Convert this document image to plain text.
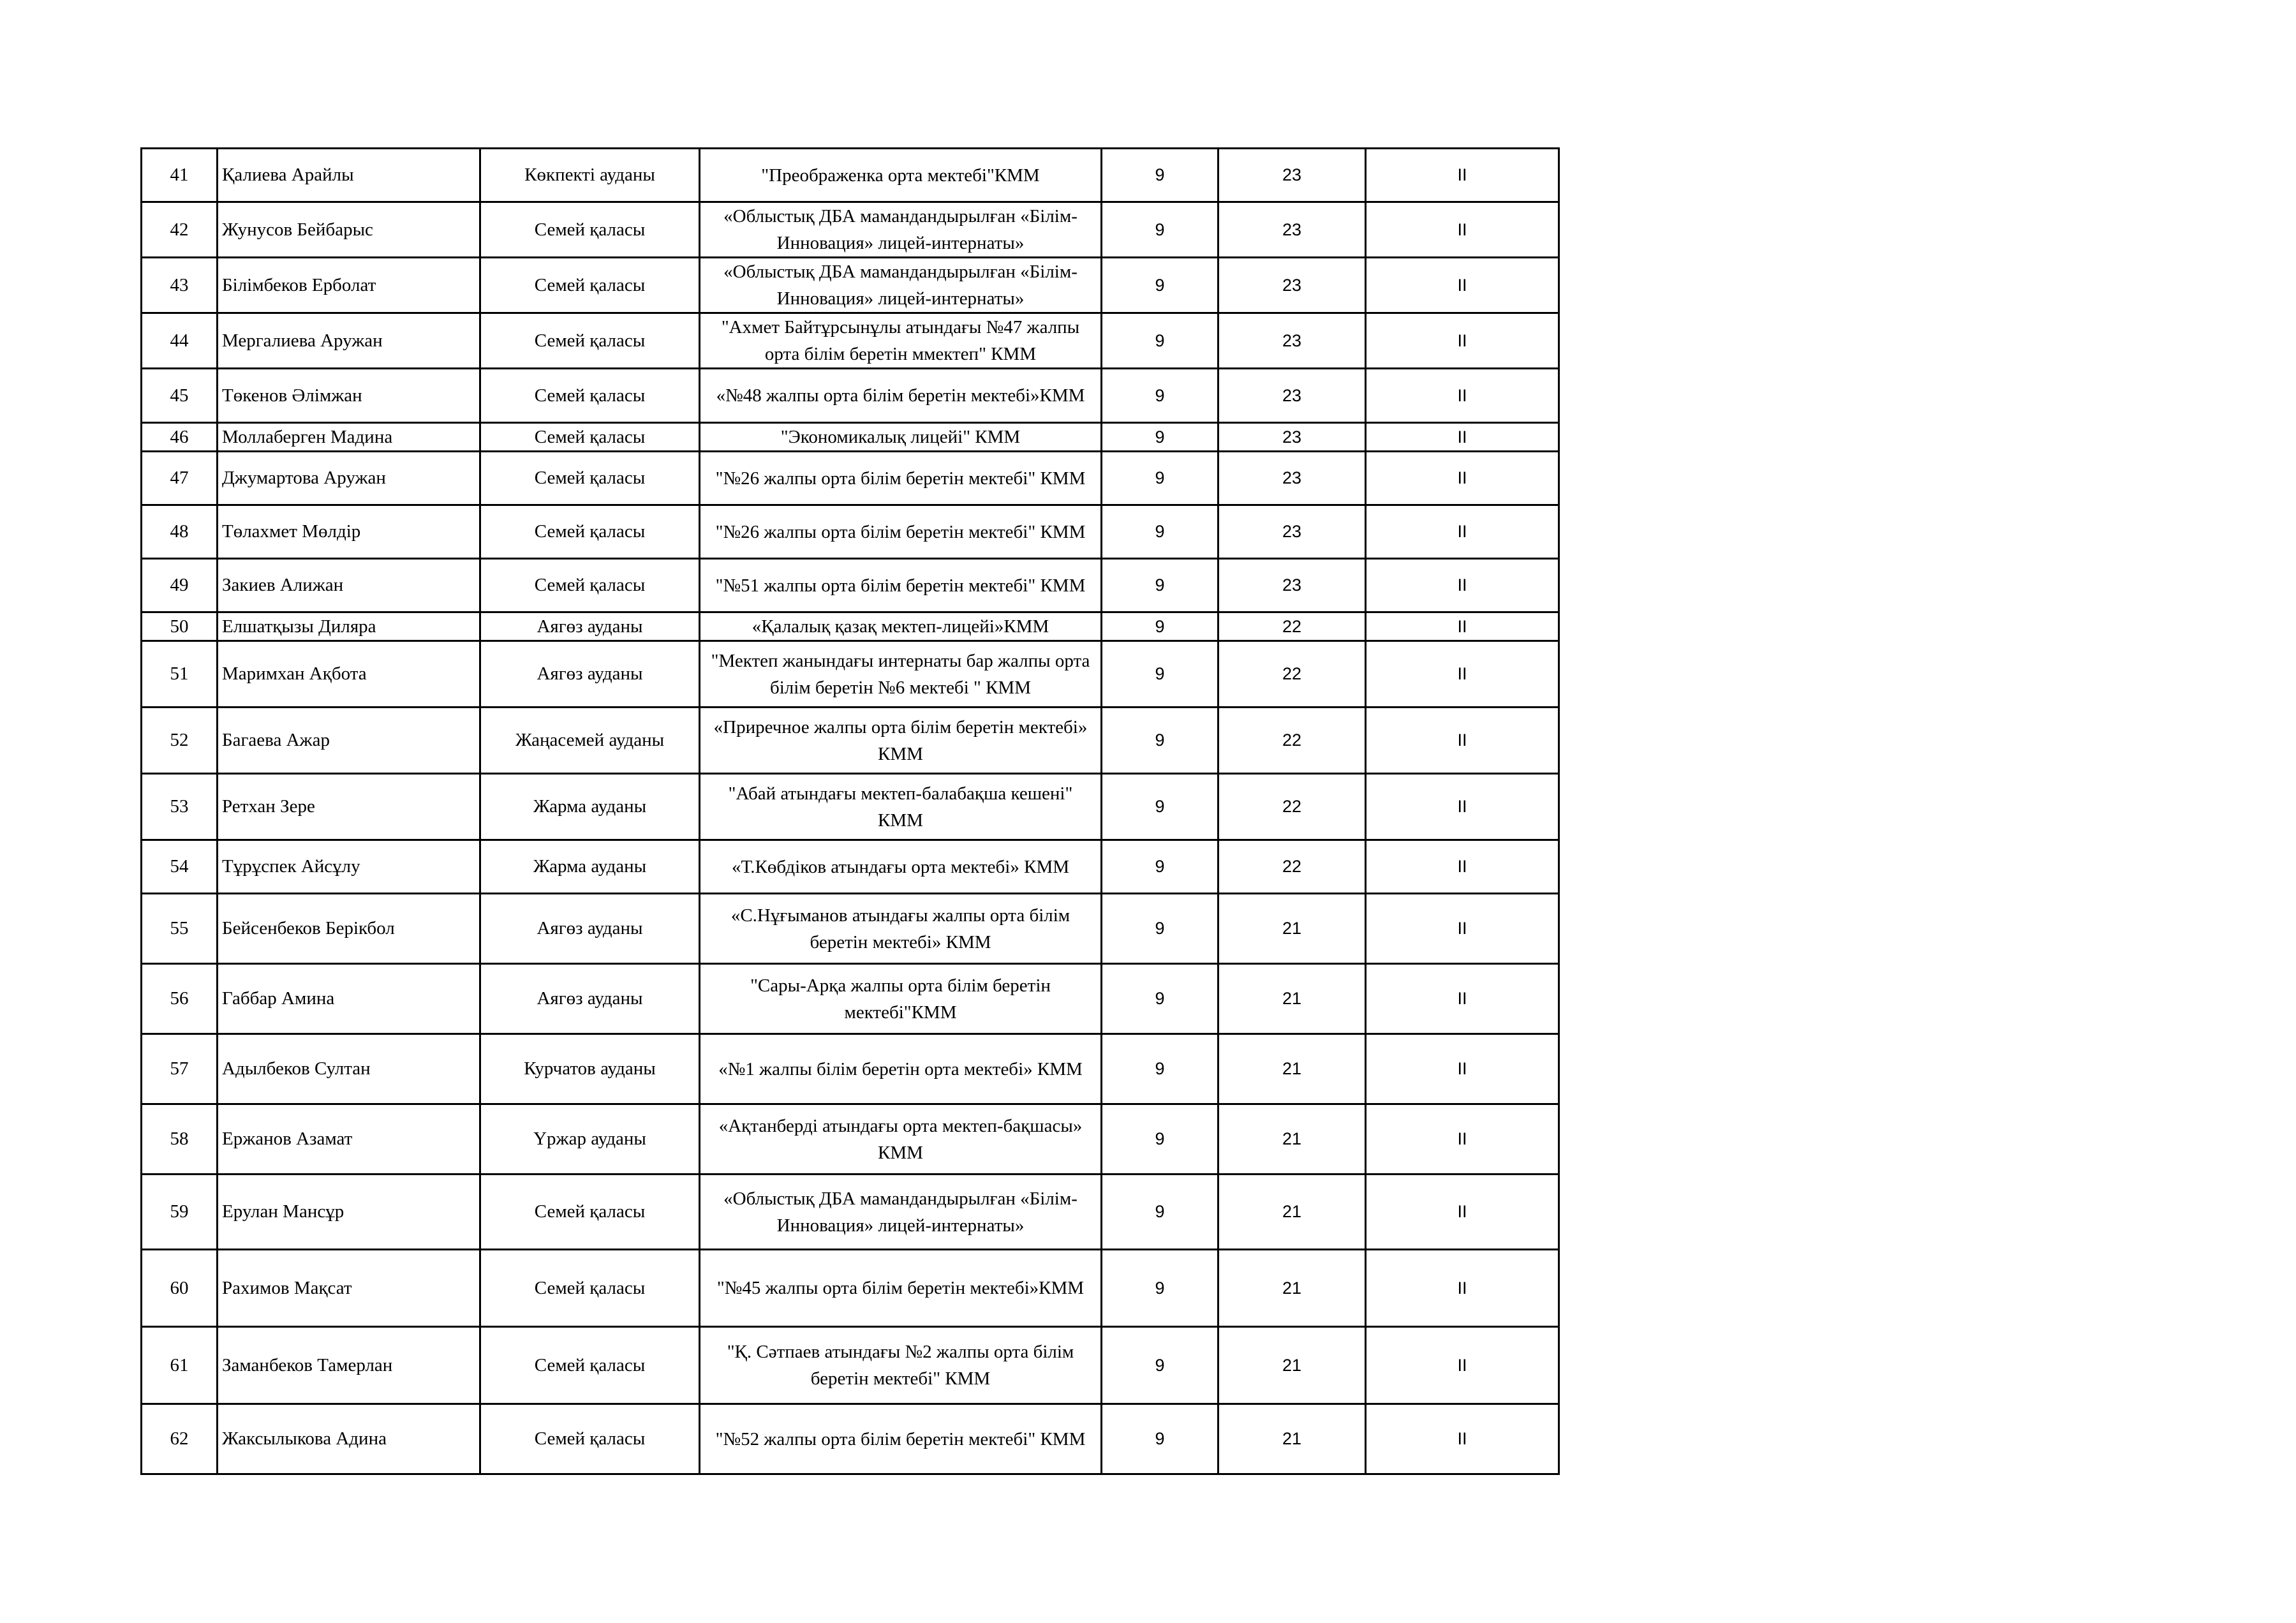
41	Қалиева Арайлы	Көкпекті ауданы	"Преображенка орта мектебі"КММ	9	23	II
42	Жунусов Бейбарыс	Семей қаласы	«Облыстық ДБА мамандандырылған «Білім-Инновация» лицей-интернаты»	9	23	II
43	Білімбеков Ерболат	Семей қаласы	«Облыстық ДБА мамандандырылған «Білім-Инновация» лицей-интернаты»	9	23	II
44	Мергалиева Аружан	Семей қаласы	"Ахмет Байтұрсынұлы атындағы №47 жалпы орта білім беретін ммектеп" КММ	9	23	II
45	Төкенов Әлімжан	Семей қаласы	«№48 жалпы орта білім беретін мектебі»КММ	9	23	II
46	Моллаберген Мадина	Семей қаласы	"Экономикалық лицейі" КММ	9	23	II
47	Джумартова Аружан	Семей қаласы	"№26 жалпы орта білім беретін мектебі" КММ	9	23	II
48	Төлахмет Мөлдір	Семей қаласы	"№26 жалпы орта білім беретін мектебі" КММ	9	23	II
49	Закиев Алижан	Семей қаласы	"№51 жалпы орта білім беретін мектебі" КММ	9	23	II
50	Елшатқызы Диляра	Аягөз ауданы	«Қалалық қазақ мектеп-лицейі»КММ	9	22	II
51	Маримхан Ақбота	Аягөз ауданы	"Мектеп жанындағы интернаты бар жалпы орта білім беретін №6 мектебі " КММ	9	22	II
52	Багаева Ажар	Жаңасемей ауданы	«Приречное жалпы орта білім беретін мектебі» КММ	9	22	II
53	Ретхан Зере	Жарма ауданы	"Абай атындағы мектеп-балабақша кешені" КММ	9	22	II
54	Тұрұспек Айсұлу	Жарма ауданы	«Т.Көбдіков атындағы орта мектебі» КММ	9	22	II
55	Бейсенбеков Берікбол	Аягөз ауданы	«С.Нұғыманов атындағы жалпы орта білім беретін мектебі» КММ	9	21	II
56	Габбар Амина	Аягөз ауданы	"Сары-Арқа жалпы орта білім беретін мектебі"КММ	9	21	II
57	Адылбеков Султан	Курчатов ауданы	«№1 жалпы білім беретін орта мектебі» КММ	9	21	II
58	Ержанов Азамат	Үржар ауданы	«Ақтанберді атындағы орта мектеп-бақшасы» КММ	9	21	II
59	Ерулан Мансұр	Семей қаласы	«Облыстық ДБА мамандандырылған «Білім-Инновация» лицей-интернаты»	9	21	II
60	Рахимов Мақсат	Семей қаласы	"№45 жалпы орта білім беретін мектебі»КММ	9	21	II
61	Заманбеков Тамерлан	Семей қаласы	"Қ. Сәтпаев атындағы №2 жалпы орта білім беретін мектебі" КММ	9	21	II
62	Жаксылыкова Адина	Семей қаласы	"№52 жалпы орта білім беретін мектебі" КММ	9	21	II
